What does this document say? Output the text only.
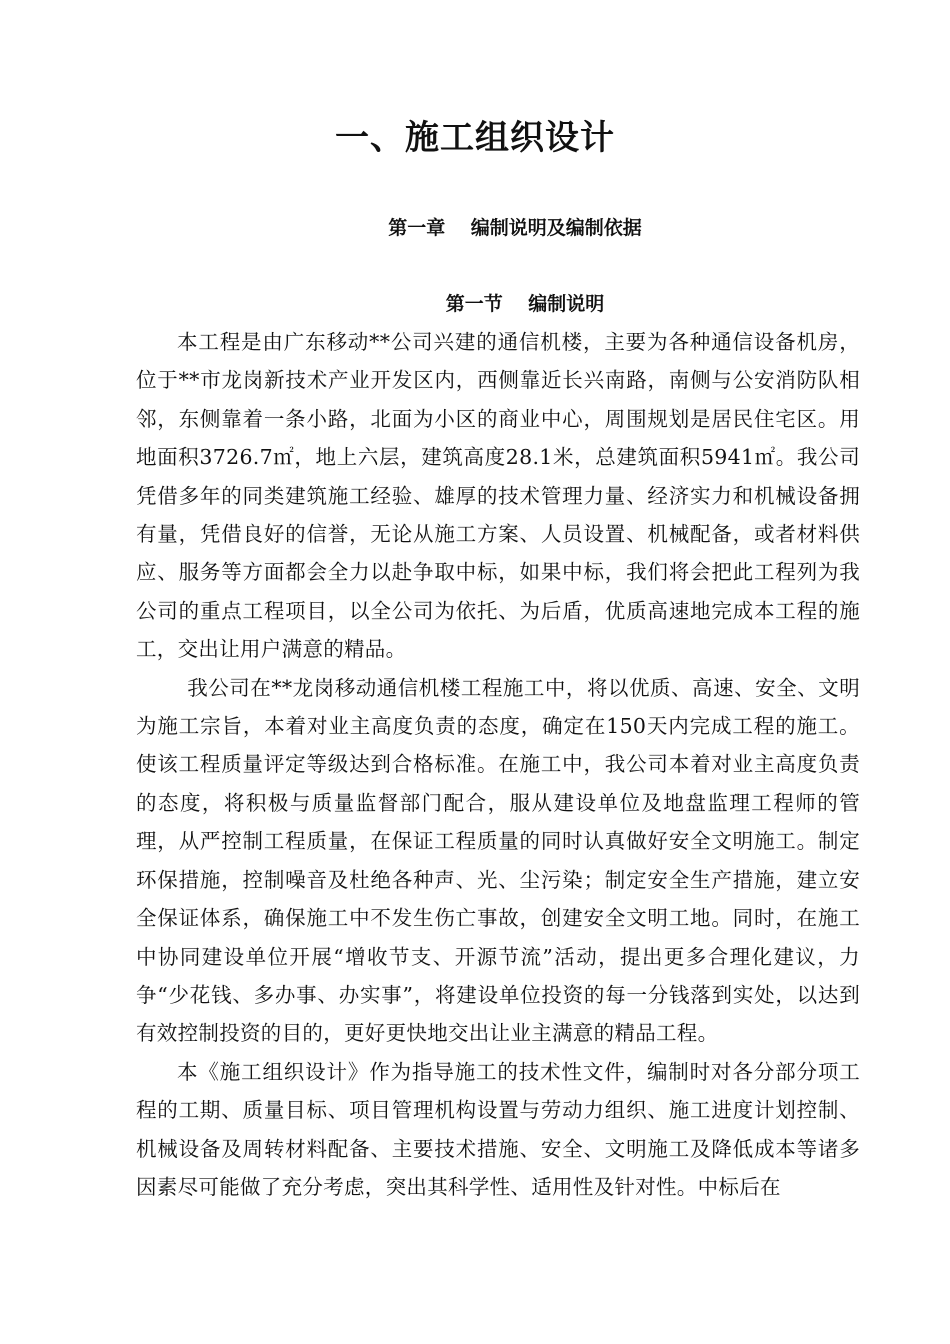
一、施工组织设计
第一章　 编制说明及编制依据
第一节　 编制说明

本工程是由广东移动**公司兴建的通信机楼，主要为各种通信设备机房，位于**市龙岗新技术产业开发区内，西侧靠近长兴南路，南侧与公安消防队相邻，东侧靠着一条小路，北面为小区的商业中心，周围规划是居民住宅区。用地面积3726.7㎡，地上六层，建筑高度28.1米，总建筑面积5941㎡。我公司凭借多年的同类建筑施工经验、雄厚的技术管理力量、经济实力和机械设备拥有量，凭借良好的信誉，无论从施工方案、人员设置、机械配备，或者材料供应、服务等方面都会全力以赴争取中标，如果中标，我们将会把此工程列为我公司的重点工程项目，以全公司为依托、为后盾，优质高速地完成本工程的施工，交出让用户满意的精品。

我公司在**龙岗移动通信机楼工程施工中，将以优质、高速、安全、文明为施工宗旨，本着对业主高度负责的态度，确定在150天内完成工程的施工。使该工程质量评定等级达到合格标准。在施工中，我公司本着对业主高度负责的态度，将积极与质量监督部门配合，服从建设单位及地盘监理工程师的管理，从严控制工程质量，在保证工程质量的同时认真做好安全文明施工。制定环保措施，控制噪音及杜绝各种声、光、尘污染；制定安全生产措施，建立安全保证体系，确保施工中不发生伤亡事故，创建安全文明工地。同时，在施工中协同建设单位开展“增收节支、开源节流”活动，提出更多合理化建议，力争“少花钱、多办事、办实事”，将建设单位投资的每一分钱落到实处，以达到有效控制投资的目的，更好更快地交出让业主满意的精品工程。

本《施工组织设计》作为指导施工的技术性文件，编制时对各分部分项工程的工期、质量目标、项目管理机构设置与劳动力组织、施工进度计划控制、机械设备及周转材料配备、主要技术措施、安全、文明施工及降低成本等诸多因素尽可能做了充分考虑，突出其科学性、适用性及针对性。中标后在
